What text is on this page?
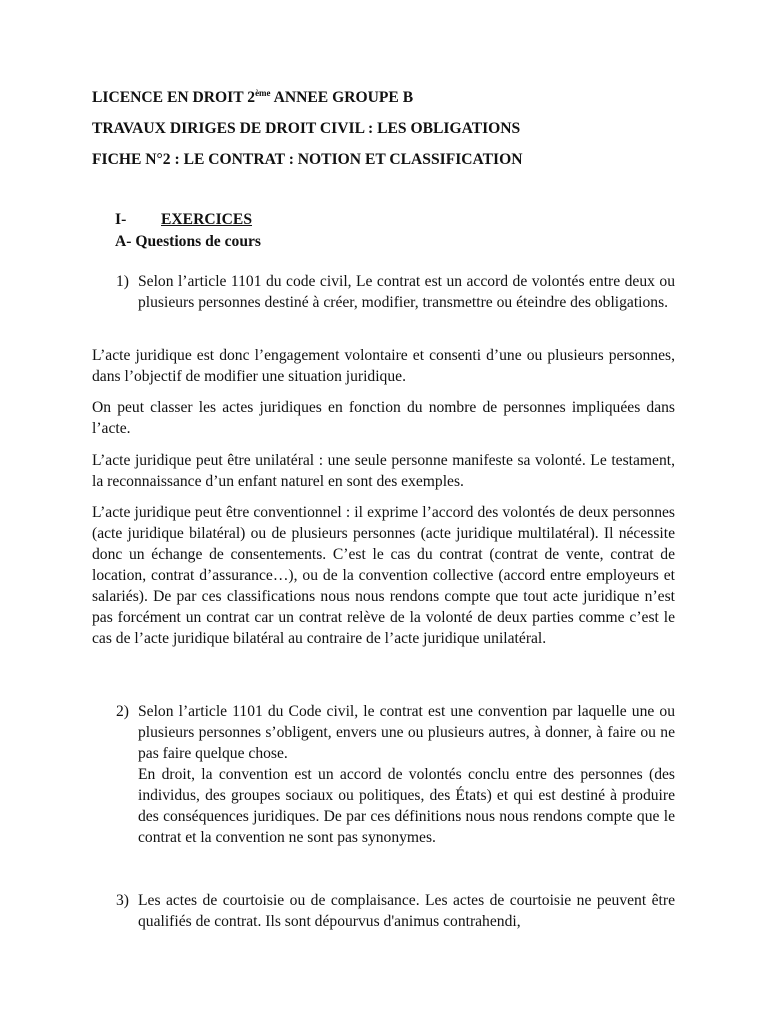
LICENCE EN DROIT 2ème ANNEE GROUPE B
TRAVAUX DIRIGES DE DROIT CIVIL : LES OBLIGATIONS
FICHE N°2 : LE CONTRAT : NOTION ET CLASSIFICATION
I- EXERCICES
A- Questions de cours
1) Selon l’article 1101 du code civil, Le contrat est un accord de volontés entre deux ou plusieurs personnes destiné à créer, modifier, transmettre ou éteindre des obligations.

L’acte juridique est donc l’engagement volontaire et consenti d’une ou plusieurs personnes, dans l’objectif de modifier une situation juridique.

On peut classer les actes juridiques en fonction du nombre de personnes impliquées dans l’acte.

L’acte juridique peut être unilatéral : une seule personne manifeste sa volonté. Le testament, la reconnaissance d’un enfant naturel en sont des exemples.

L’acte juridique peut être conventionnel : il exprime l’accord des volontés de deux personnes (acte juridique bilatéral) ou de plusieurs personnes (acte juridique multilatéral). Il nécessite donc un échange de consentements. C’est le cas du contrat (contrat de vente, contrat de location, contrat d’assurance…), ou de la convention collective (accord entre employeurs et salariés). De par ces classifications nous nous rendons compte que tout acte juridique n’est pas forcément un contrat car un contrat relève de la volonté de deux parties comme c’est le cas de l’acte juridique bilatéral au contraire de l’acte juridique unilatéral.

2) Selon l’article 1101 du Code civil, le contrat est une convention par laquelle une ou plusieurs personnes s’obligent, envers une ou plusieurs autres, à donner, à faire ou ne pas faire quelque chose.

En droit, la convention est un accord de volontés conclu entre des personnes (des individus, des groupes sociaux ou politiques, des États) et qui est destiné à produire des conséquences juridiques. De par ces définitions nous nous rendons compte que le contrat et la convention ne sont pas synonymes.

3) Les actes de courtoisie ou de complaisance. Les actes de courtoisie ne peuvent être qualifiés de contrat. Ils sont dépourvus d'animus contrahendi,
